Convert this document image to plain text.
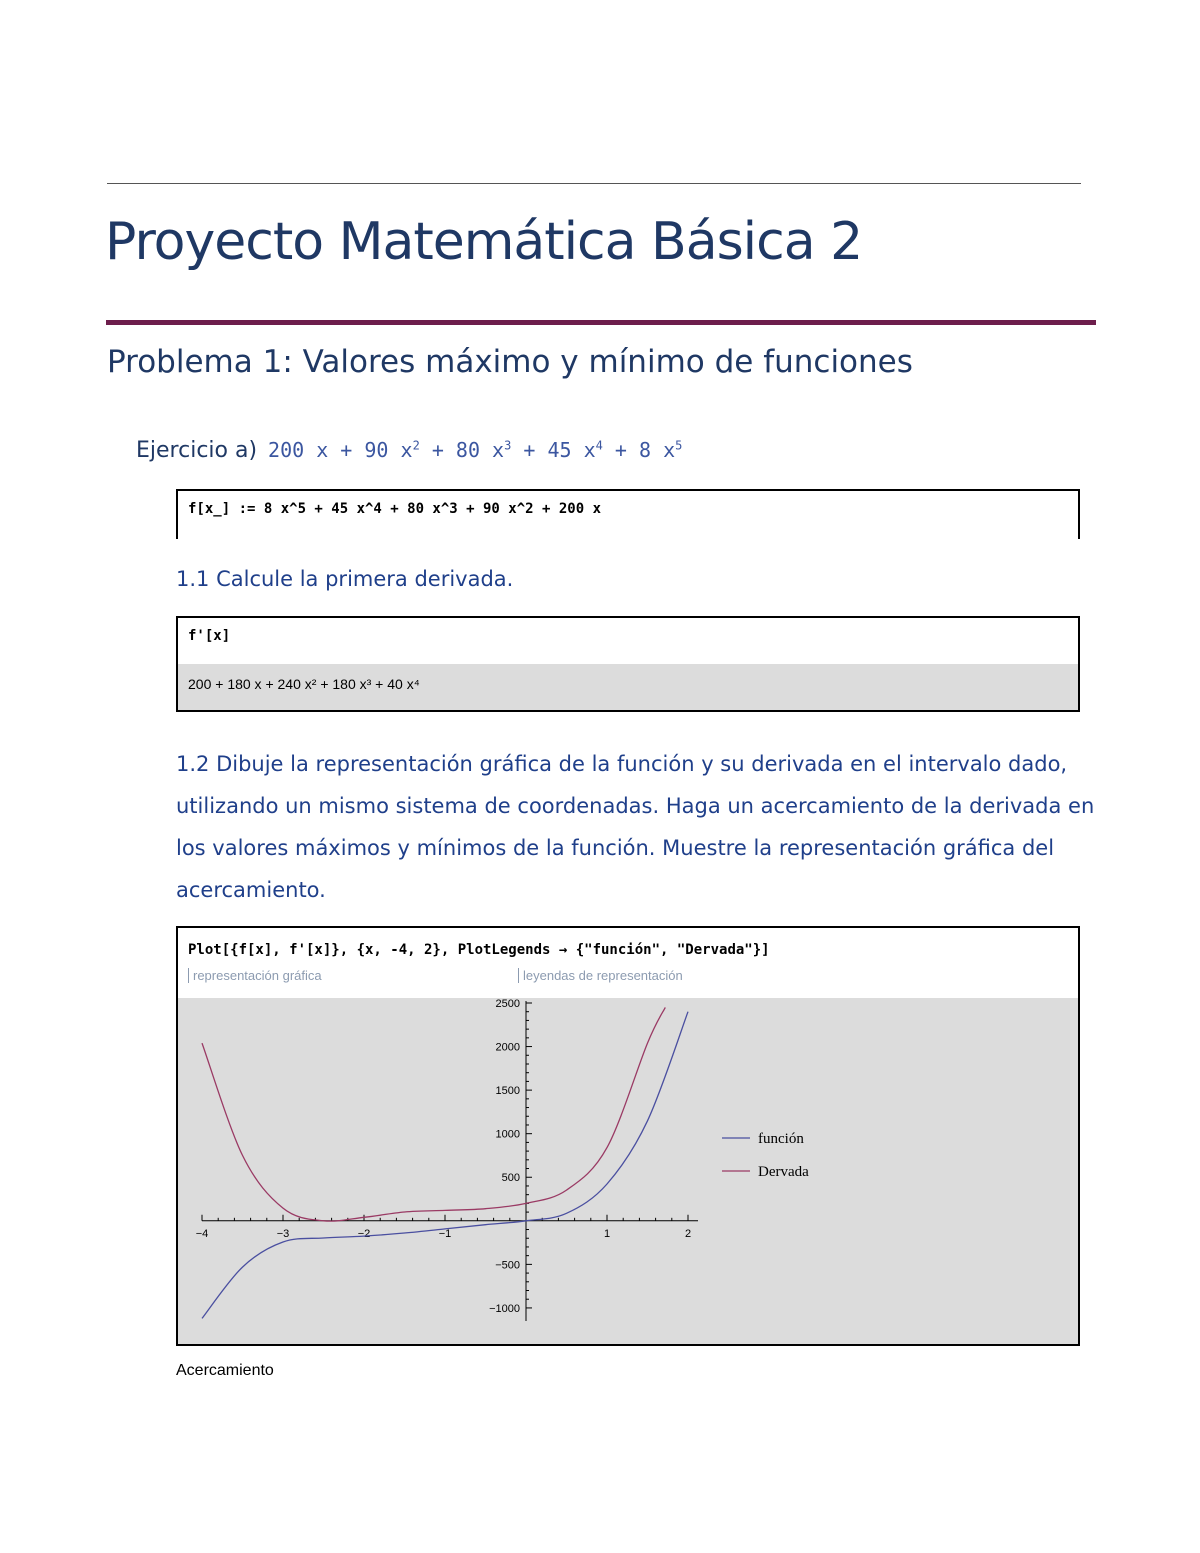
Proyecto Matemática Básica 2
Problema 1: Valores máximo y mínimo de funciones
Ejercicio a) 200 x + 90 $x^2 + 80$ $x^3 + 45$ $x^4 + 8$ $x^5$
f[x_] := 8 x^5 + 45 x^4 + 80 x^3 + 90 x^2 + 200 x
1.1 Calcule la primera derivada.
f'[x]
200 + 180 x + 240 x² + 180 x³ + 40 x⁴
1.2 Dibuje la representación gráfica de la función y su derivada en el intervalo dado, utilizando un mismo sistema de coordenadas. Haga un acercamiento de la derivada en los valores máximos y mínimos de la función. Muestre la representación gráfica del acercamiento.
Plot[{f[x], f'[x]}, {x, -4, 2}, PlotLegends → {"función", "Dervada"}]
representación gráfica	leyendas de representación
−4	−3	−2	−1	1	2
−1000
−500
500
1000
1500
2000
2500
función
Dervada
Acercamiento
